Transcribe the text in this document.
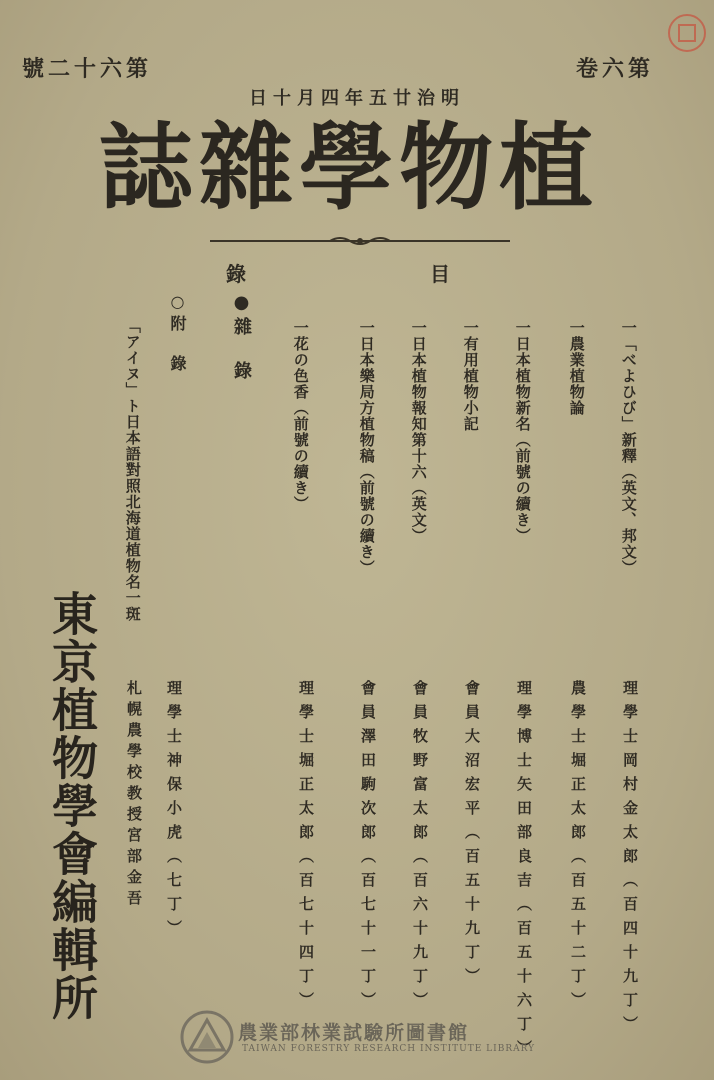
第六卷
第六十二號
明治廿五年四月十日
植物學雜誌
錄	目
一「べよひび」新釋（英文、邦文）
一農業植物論
一日本植物新名（前號の續き）
一有用植物小記
一日本植物報知第十六（英文）
一日本樂局方植物稿（前號の續き）
一花の色香（前號の續き）
●雜　錄
○附　錄
「アイヌ」ト日本語對照北海道植物名一斑
理學士岡村金太郎（百四十九丁）
農學士堀正太郎（百五十二丁）
理學博士矢田部良吉（百五十六丁）
會員大沼宏平（百五十九丁）
會員牧野富太郎（百六十九丁）
會員澤田駒次郎（百七十一丁）
理學士堀正太郎（百七十四丁）
理學士神保小虎（七丁）
札幌農學校教授宮部金吾
東京植物學會編輯所
農業部林業試驗所圖書館
TAIWAN FORESTRY RESEARCH INSTITUTE LIBRARY
